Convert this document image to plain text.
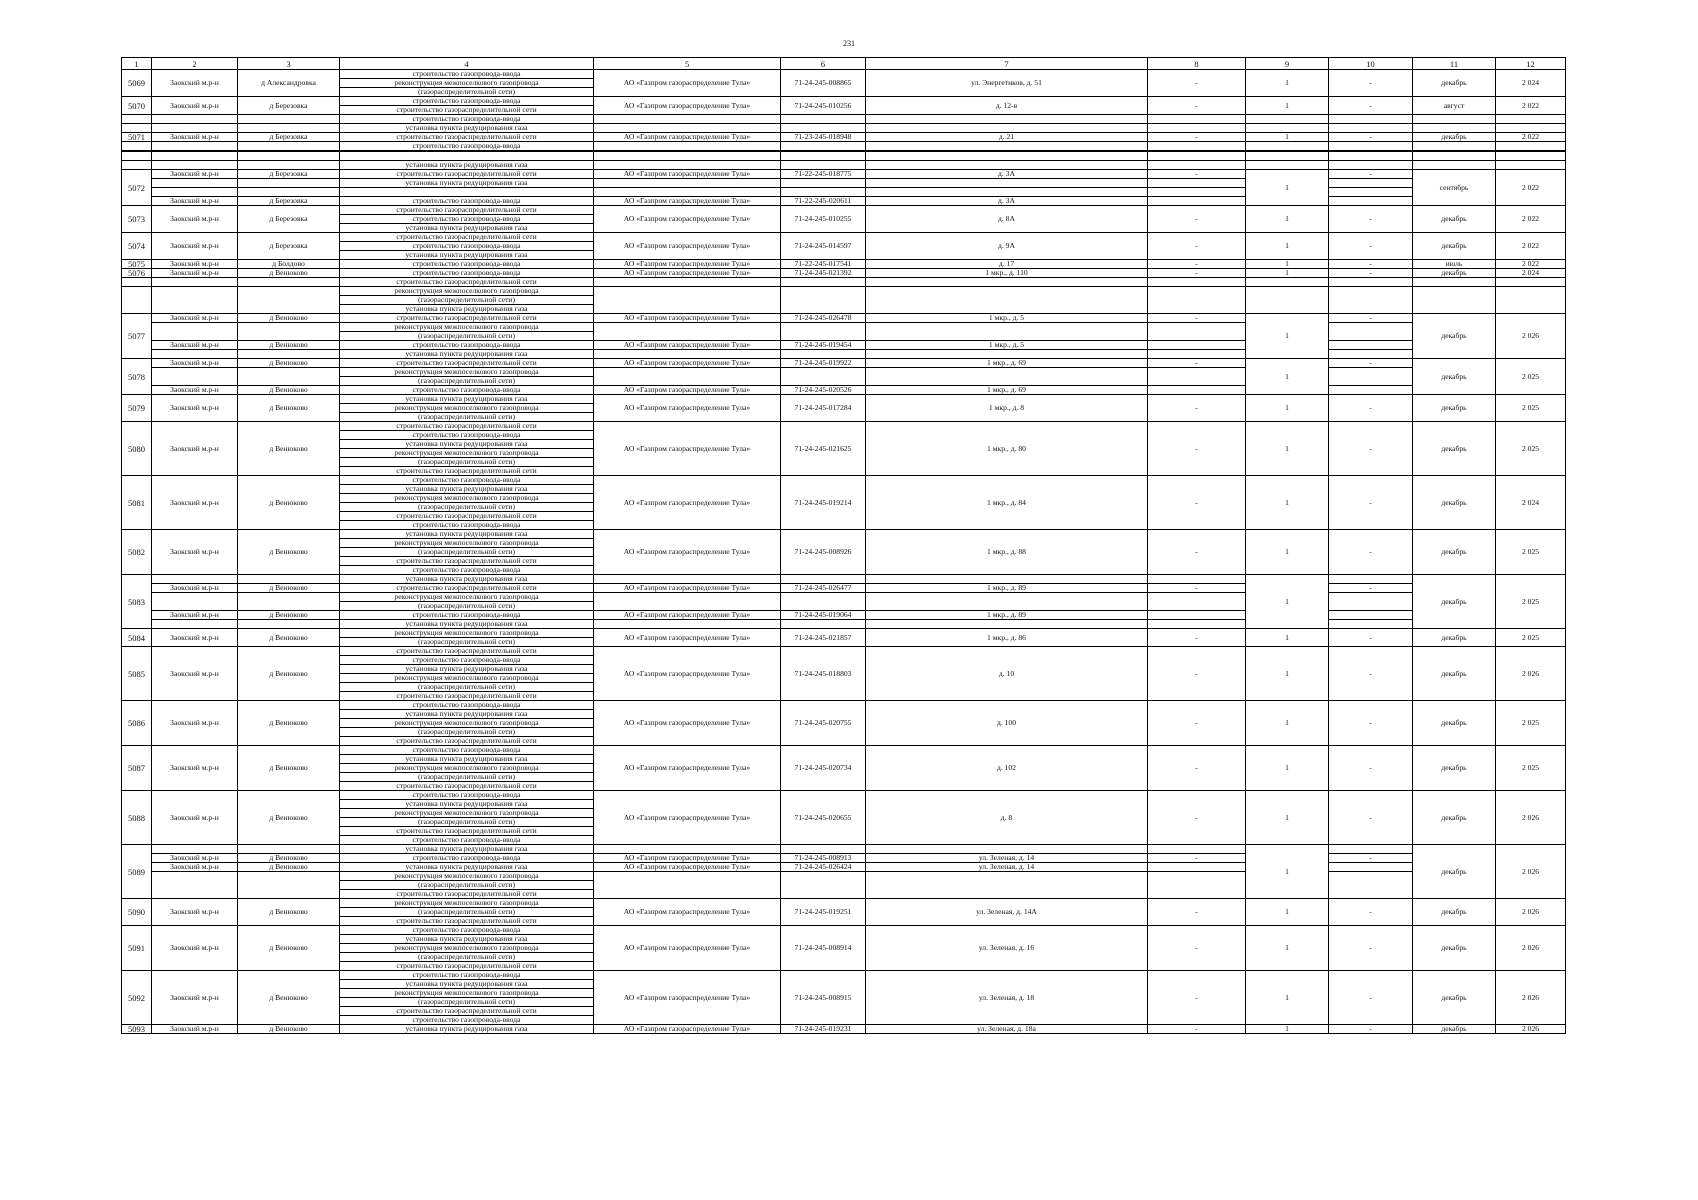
231
1	2	3	4	5	6	7	8	9	10	11	12
5069	Заокский м.р-н	д Александровка	строительство газопровода-ввода	АО «Газпром газораспределение Тула»	71-24-245-008865	ул. Энергетиков, д. 51	-	1	-	декабрь	2 024
			реконструкция межпоселкового газопровода								
			(газораспределительной сети)								
5070	Заокский м.р-н	д Березовка	строительство газопровода-ввода	АО «Газпром газораспределение Тула»	71-24-245-010256	д. 12-в	-	1	-	август	2 022
			строительство газораспределительной сети								
			строительство газопровода-ввода								
			установка пункта редуцирования газа								
5071	Заокский м.р-н	д Березовка	строительство газораспределительной сети	АО «Газпром газораспределение Тула»	71-23-245-018948	д. 21	-	1	-	декабрь	2 022
			строительство газопровода-ввода								

			установка пункта редуцирования газа								
5072	Заокский м.р-н	д Березовка	строительство газораспределительной сети	АО «Газпром газораспределение Тула»	71-22-245-018775	д. 3А	-	1	-	сентябрь	2 022
			установка пункта редуцирования газа								

	Заокский м.р-н	д Березовка	строительство газопровода-ввода	АО «Газпром газораспределение Тула»	71-22-245-020611	д. 3А					
5073	Заокский м.р-н	д Березовка	строительство газораспределительной сети	АО «Газпром газораспределение Тула»	71-24-245-010255	д. 8А	-	1	-	декабрь	2 022
			строительство газопровода-ввода								
			установка пункта редуцирования газа								
5074	Заокский м.р-н	д Березовка	строительство газораспределительной сети	АО «Газпром газораспределение Тула»	71-24-245-014597	д. 9А	-	1	-	декабрь	2 022
			строительство газопровода-ввода								
			установка пункта редуцирования газа								
5075	Заокский м.р-н	д Болдово	строительство газопровода-ввода	АО «Газпром газораспределение Тула»	71-22-245-017541	д. 17	-	1	-	июль	2 022
5076	Заокский м.р-н	д Венюково	строительство газопровода-ввода	АО «Газпром газораспределение Тула»	71-24-245-021392	1 мкр., д. 110	-	1	-	декабрь	2 024
			строительство газораспределительной сети								
			реконструкция межпоселкового газопровода								
			(газораспределительной сети)								
			установка пункта редуцирования газа								
5077	Заокский м.р-н	д Венюково	строительство газораспределительной сети	АО «Газпром газораспределение Тула»	71-24-245-026478	1 мкр., д. 5	-	1	-	декабрь	2 026
			реконструкция межпоселкового газопровода								
			(газораспределительной сети)								
	Заокский м.р-н	д Венюково	строительство газопровода-ввода	АО «Газпром газораспределение Тула»	71-24-245-019454	1 мкр., д. 5					
			установка пункта редуцирования газа								
5078	Заокский м.р-н	д Венюково	строительство газораспределительной сети	АО «Газпром газораспределение Тула»	71-24-245-019922	1 мкр., д. 69	-	1	-	декабрь	2 025
			реконструкция межпоселкового газопровода								
			(газораспределительной сети)								
	Заокский м.р-н	д Венюково	строительство газопровода-ввода	АО «Газпром газораспределение Тула»	71-24-245-020526	1 мкр., д. 69					
5079	Заокский м.р-н	д Венюково	установка пункта редуцирования газа	АО «Газпром газораспределение Тула»	71-24-245-017284	1 мкр., д. 8	-	1	-	декабрь	2 025
			реконструкция межпоселкового газопровода								
			(газораспределительной сети)								
5080	Заокский м.р-н	д Венюково	строительство газораспределительной сети	АО «Газпром газораспределение Тула»	71-24-245-021625	1 мкр., д. 80	-	1	-	декабрь	2 025
			строительство газопровода-ввода								
			установка пункта редуцирования газа								
			реконструкция межпоселкового газопровода								
			(газораспределительной сети)								
			строительство газораспределительной сети								
5081	Заокский м.р-н	д Венюково	строительство газопровода-ввода	АО «Газпром газораспределение Тула»	71-24-245-019214	1 мкр., д. 84	-	1	-	декабрь	2 024
			установка пункта редуцирования газа								
			реконструкция межпоселкового газопровода								
			(газораспределительной сети)								
			строительство газораспределительной сети								
			строительство газопровода-ввода								
5082	Заокский м.р-н	д Венюково	установка пункта редуцирования газа	АО «Газпром газораспределение Тула»	71-24-245-008926	1 мкр., д. 88	-	1	-	декабрь	2 025
			реконструкция межпоселкового газопровода								
			(газораспределительной сети)								
			строительство газораспределительной сети								
			строительство газопровода-ввода								
5083			установка пункта редуцирования газа					1		декабрь	2 025
	Заокский м.р-н	д Венюково	строительство газораспределительной сети	АО «Газпром газораспределение Тула»	71-24-245-026477	1 мкр., д. 89	-		-		
			реконструкция межпоселкового газопровода								
			(газораспределительной сети)								
	Заокский м.р-н	д Венюково	строительство газопровода-ввода	АО «Газпром газораспределение Тула»	71-24-245-019064	1 мкр., д. 89					
			установка пункта редуцирования газа								
5084	Заокский м.р-н	д Венюково	реконструкция межпоселкового газопровода	АО «Газпром газораспределение Тула»	71-24-245-021857	1 мкр., д. 86	-	1	-	декабрь	2 025
			(газораспределительной сети)								
5085	Заокский м.р-н	д Венюково	строительство газораспределительной сети	АО «Газпром газораспределение Тула»	71-24-245-018803	д. 10	-	1	-	декабрь	2 026
			строительство газопровода-ввода								
			установка пункта редуцирования газа								
			реконструкция межпоселкового газопровода								
			(газораспределительной сети)								
			строительство газораспределительной сети								
5086	Заокский м.р-н	д Венюково	строительство газопровода-ввода	АО «Газпром газораспределение Тула»	71-24-245-020755	д. 100	-	1	-	декабрь	2 025
			установка пункта редуцирования газа								
			реконструкция межпоселкового газопровода								
			(газораспределительной сети)								
			строительство газораспределительной сети								
5087	Заокский м.р-н	д Венюково	строительство газопровода-ввода	АО «Газпром газораспределение Тула»	71-24-245-020734	д. 102	-	1	-	декабрь	2 025
			установка пункта редуцирования газа								
			реконструкция межпоселкового газопровода								
			(газораспределительной сети)								
			строительство газораспределительной сети								
5088	Заокский м.р-н	д Венюково	строительство газопровода-ввода	АО «Газпром газораспределение Тула»	71-24-245-020655	д. 8	-	1	-	декабрь	2 026
			установка пункта редуцирования газа								
			реконструкция межпоселкового газопровода								
			(газораспределительной сети)								
			строительство газораспределительной сети								
			строительство газопровода-ввода								
5089			установка пункта редуцирования газа					1		декабрь	2 026
	Заокский м.р-н	д Венюково	строительство газопровода-ввода	АО «Газпром газораспределение Тула»	71-24-245-008913	ул. Зеленая, д. 14	-		-		
	Заокский м.р-н	д Венюково	установка пункта редуцирования газа	АО «Газпром газораспределение Тула»	71-24-245-026424	ул. Зеленая, д. 14					
			реконструкция межпоселкового газопровода								
			(газораспределительной сети)								
			строительство газораспределительной сети								
5090	Заокский м.р-н	д Венюково	реконструкция межпоселкового газопровода	АО «Газпром газораспределение Тула»	71-24-245-019251	ул. Зеленая, д. 14А	-	1	-	декабрь	2 026
			(газораспределительной сети)								
			строительство газораспределительной сети								
5091	Заокский м.р-н	д Венюково	строительство газопровода-ввода	АО «Газпром газораспределение Тула»	71-24-245-008914	ул. Зеленая, д. 16	-	1	-	декабрь	2 026
			установка пункта редуцирования газа								
			реконструкция межпоселкового газопровода								
			(газораспределительной сети)								
			строительство газораспределительной сети								
5092	Заокский м.р-н	д Венюково	строительство газопровода-ввода	АО «Газпром газораспределение Тула»	71-24-245-008915	ул. Зеленая, д. 18	-	1	-	декабрь	2 026
			установка пункта редуцирования газа								
			реконструкция межпоселкового газопровода								
			(газораспределительной сети)								
			строительство газораспределительной сети								
			строительство газопровода-ввода								
5093	Заокский м.р-н	д Венюково	установка пункта редуцирования газа	АО «Газпром газораспределение Тула»	71-24-245-019231	ул. Зеленая, д. 18а	-	1	-	декабрь	2 026
